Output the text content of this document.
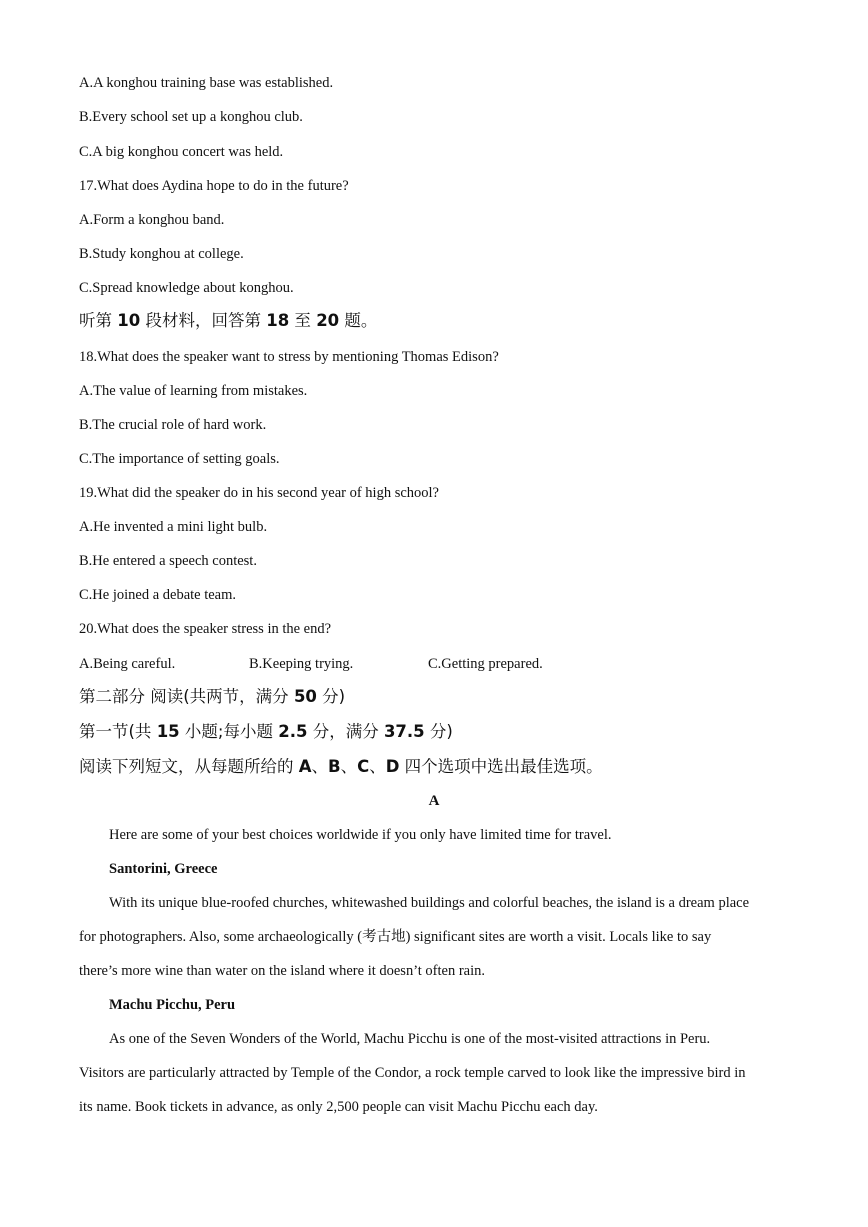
A.A konghou training base was established.
B.Every school set up a konghou club.
C.A big konghou concert was held.
17.What does Aydina hope to do in the future?
A.Form a konghou band.
B.Study konghou at college.
C.Spread knowledge about konghou.
听第 10 段材料，回答第 18 至 20 题。
18.What does the speaker want to stress by mentioning Thomas Edison?
A.The value of learning from mistakes.
B.The crucial role of hard work.
C.The importance of setting goals.
19.What did the speaker do in his second year of high school?
A.He invented a mini light bulb.
B.He entered a speech contest.
C.He joined a debate team.
20.What does the speaker stress in the end?
A.Being careful.	B.Keeping trying.	C.Getting prepared.
第二部分 阅读(共两节，满分 50 分)
第一节(共 15 小题;每小题 2.5 分，满分 37.5 分)
阅读下列短文，从每题所给的 A、B、C、D 四个选项中选出最佳选项。
A
Here are some of your best choices worldwide if you only have limited time for travel.
Santorini, Greece
With its unique blue-roofed churches, whitewashed buildings and colorful beaches, the island is a dream place
for photographers. Also, some archaeologically (考古地) significant sites are worth a visit. Locals like to say
there’s more wine than water on the island where it doesn’t often rain.
Machu Picchu, Peru
As one of the Seven Wonders of the World, Machu Picchu is one of the most-visited attractions in Peru.
Visitors are particularly attracted by Temple of the Condor, a rock temple carved to look like the impressive bird in
its name. Book tickets in advance, as only 2,500 people can visit Machu Picchu each day.
